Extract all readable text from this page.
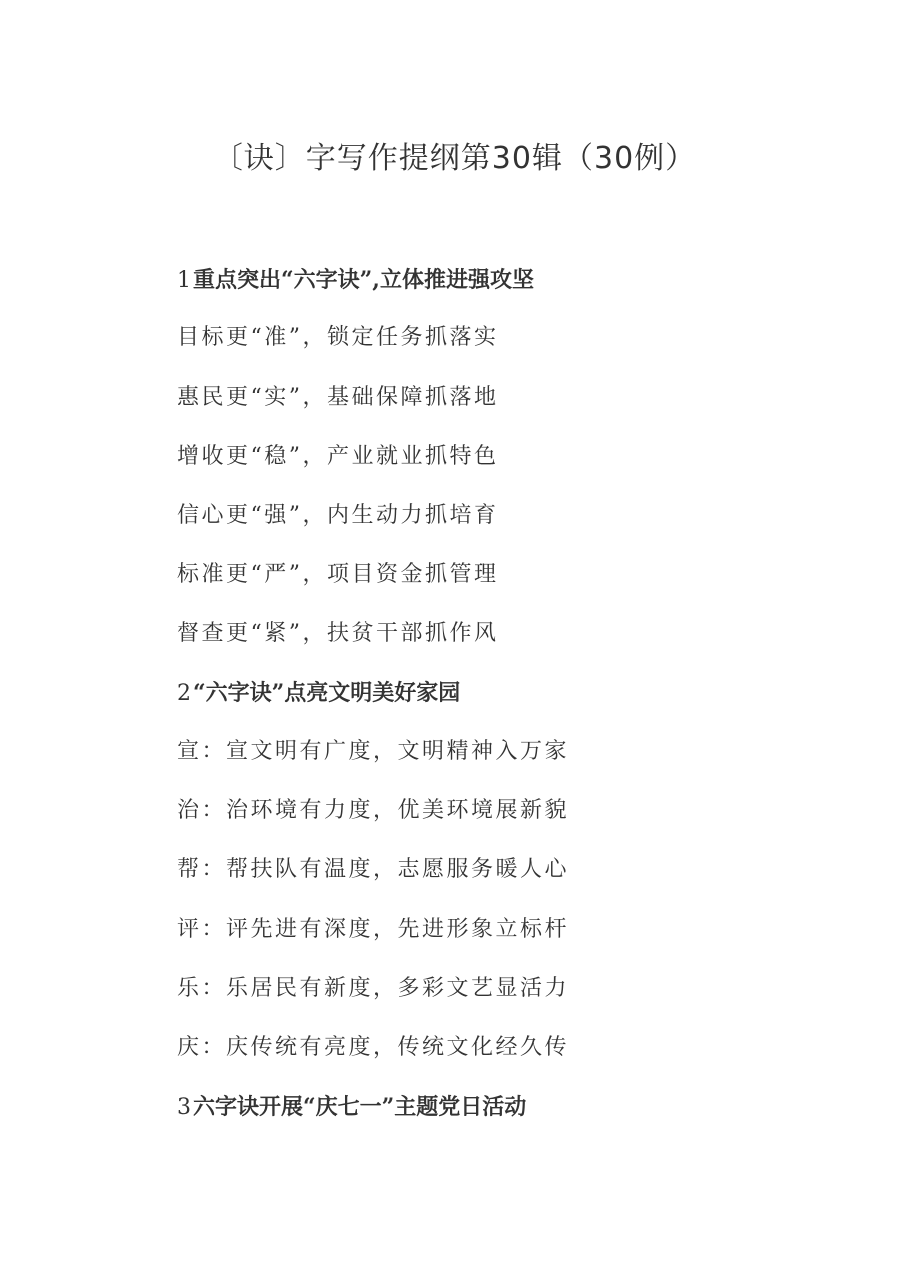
〔诀〕字写作提纲第30辑（30例）
1重点突出“六字诀”,立体推进强攻坚
目标更“准”，锁定任务抓落实
惠民更“实”，基础保障抓落地
增收更“稳”，产业就业抓特色
信心更“强”，内生动力抓培育
标准更“严”，项目资金抓管理
督查更“紧”，扶贫干部抓作风
2“六字诀”点亮文明美好家园
宣：宣文明有广度，文明精神入万家
治：治环境有力度，优美环境展新貌
帮：帮扶队有温度，志愿服务暖人心
评：评先进有深度，先进形象立标杆
乐：乐居民有新度，多彩文艺显活力
庆：庆传统有亮度，传统文化经久传
3六字诀开展“庆七一”主题党日活动
